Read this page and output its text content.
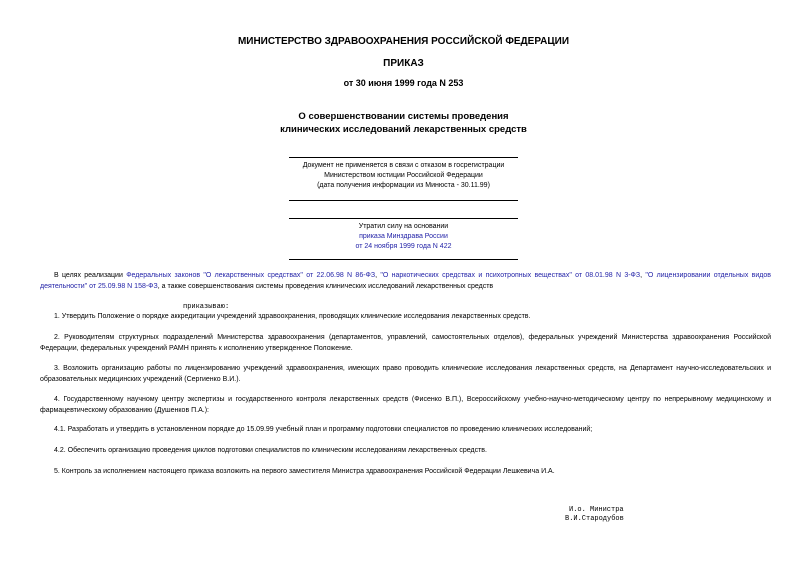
МИНИСТЕРСТВО ЗДРАВООХРАНЕНИЯ РОССИЙСКОЙ ФЕДЕРАЦИИ
ПРИКАЗ
от 30 июня 1999 года N 253
О совершенствовании системы проведения
клинических исследований лекарственных средств
Документ не применяется в связи с отказом в госрегистрации
Министерством юстиции Российской Федерации
(дата получения информации из Минюста - 30.11.99)
Утратил силу на основании
приказа Минздрава России
от 24 ноября 1999 года N 422
В целях реализации Федеральных законов "О лекарственных средствах" от 22.06.98 N 86-ФЗ, "О наркотических средствах и психотропных веществах" от 08.01.98 N 3-ФЗ, "О лицензировании отдельных видов деятельности" от 25.09.98 N 158-ФЗ, а также совершенствования системы проведения клинических исследований лекарственных средств
приказываю:
1. Утвердить Положение о порядке аккредитации учреждений здравоохранения, проводящих клинические исследования лекарственных средств.
2. Руководителям структурных подразделений Министерства здравоохранения (департаментов, управлений, самостоятельных отделов), федеральных учреждений Министерства здравоохранения Российской Федерации, федеральных учреждений РАМН принять к исполнению утвержденное Положение.
3. Возложить организацию работы по лицензированию учреждений здравоохранения, имеющих право проводить клинические исследования лекарственных средств, на Департамент научно-исследовательских и образовательных медицинских учреждений (Сергиенко В.И.).
4. Государственному научному центру экспертизы и государственного контроля лекарственных средств (Фисенко В.П.), Всероссийскому учебно-научно-методическому центру по непрерывному медицинскому и фармацевтическому образованию (Душенков П.А.):
4.1. Разработать и утвердить в установленном порядке до 15.09.99 учебный план и программу подготовки специалистов по проведению клинических исследований;
4.2. Обеспечить организацию проведения циклов подготовки специалистов по клиническим исследованиям лекарственных средств.
5. Контроль за исполнением настоящего приказа возложить на первого заместителя Министра здравоохранения Российской Федерации Лешкевича И.А.
И.о. Министра
В.И.Стародубов
